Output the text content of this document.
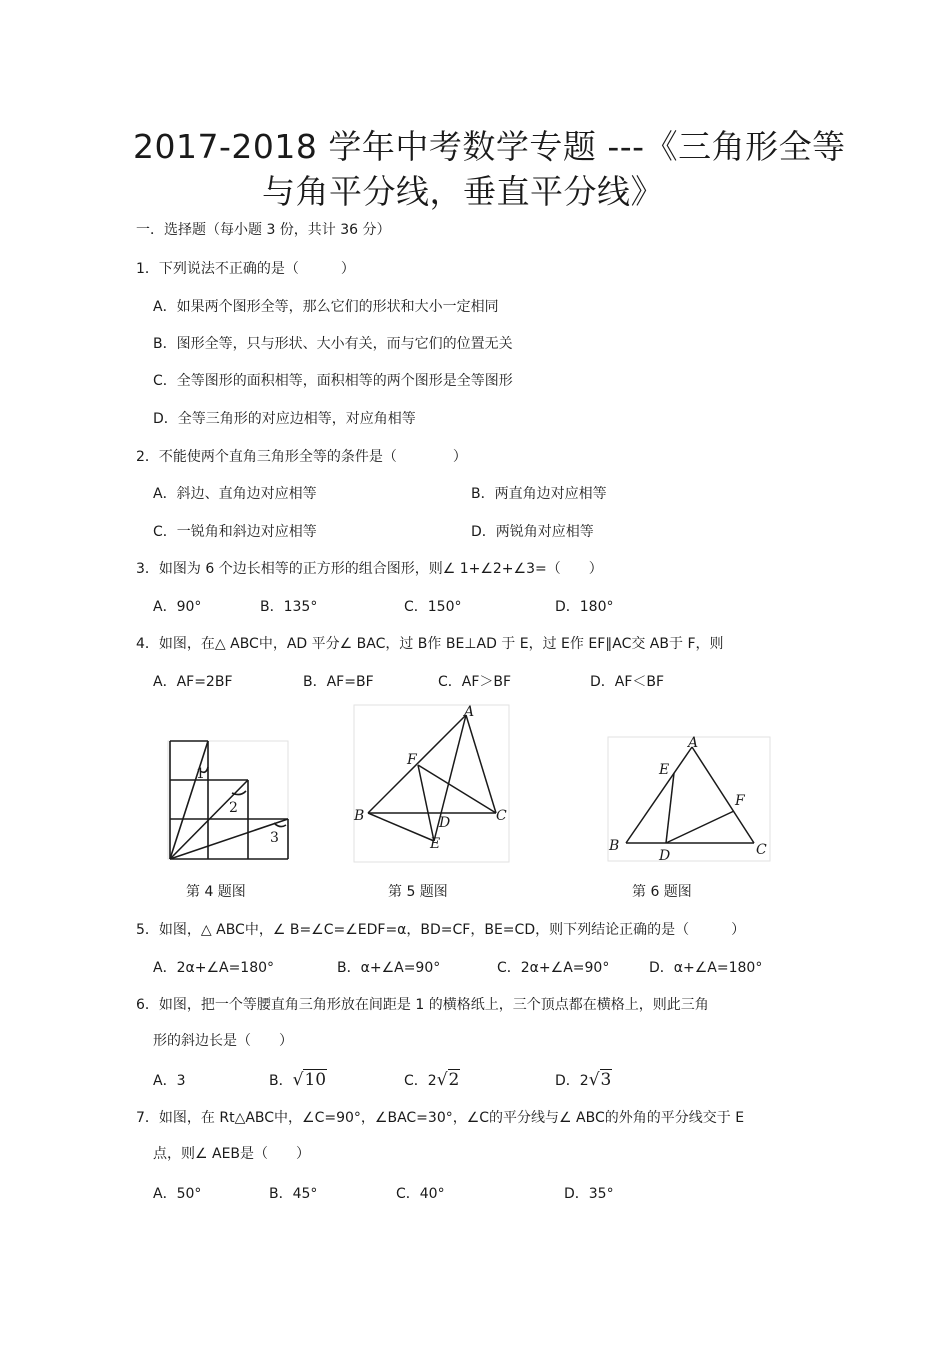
2017-2018 学年中考数学专题 ---《三角形全等
与角平分线，垂直平分线》
一．选择题（每小题 3 份，共计 36 分）
1．下列说法不正确的是（　　　）
A．如果两个图形全等，那么它们的形状和大小一定相同
B．图形全等，只与形状、大小有关，而与它们的位置无关
C．全等图形的面积相等，面积相等的两个图形是全等图形
D．全等三角形的对应边相等，对应角相等
2．不能使两个直角三角形全等的条件是（　　　　）
A．斜边、直角边对应相等	B．两直角边对应相等
C．一锐角和斜边对应相等	D．两锐角对应相等
3．如图为 6 个边长相等的正方形的组合图形，则∠ 1+∠2+∠3=（　　）
A．90°	B．135°	C．150°	D．180°
4．如图，在△ ABC中，AD 平分∠ BAC，过 B作 BE⊥AD 于 E，过 E作 EF∥AC交 AB于 F，则
A．AF=2BF	B．AF=BF	C．AF＞BF	D．AF＜BF
1
2
3
A
F
B	D	C
E
A
E
F
B
D	C
第 4 题图	第 5 题图	第 6 题图
5．如图，△ ABC中，∠ B=∠C=∠EDF=α，BD=CF，BE=CD，则下列结论正确的是（　　　）
A．2α+∠A=180°	B．α+∠A=90°	C．2α+∠A=90°	D．α+∠A=180°
6．如图，把一个等腰直角三角形放在间距是 1 的横格纸上，三个顶点都在横格上，则此三角
形的斜边长是（　　）
A．3	B．√10	C．2√2	D．2√3
7．如图，在 Rt△ABC中，∠C=90°，∠BAC=30°，∠C的平分线与∠ ABC的外角的平分线交于 E
点，则∠ AEB是（　　）
A．50°	B．45°	C．40°	D．35°
